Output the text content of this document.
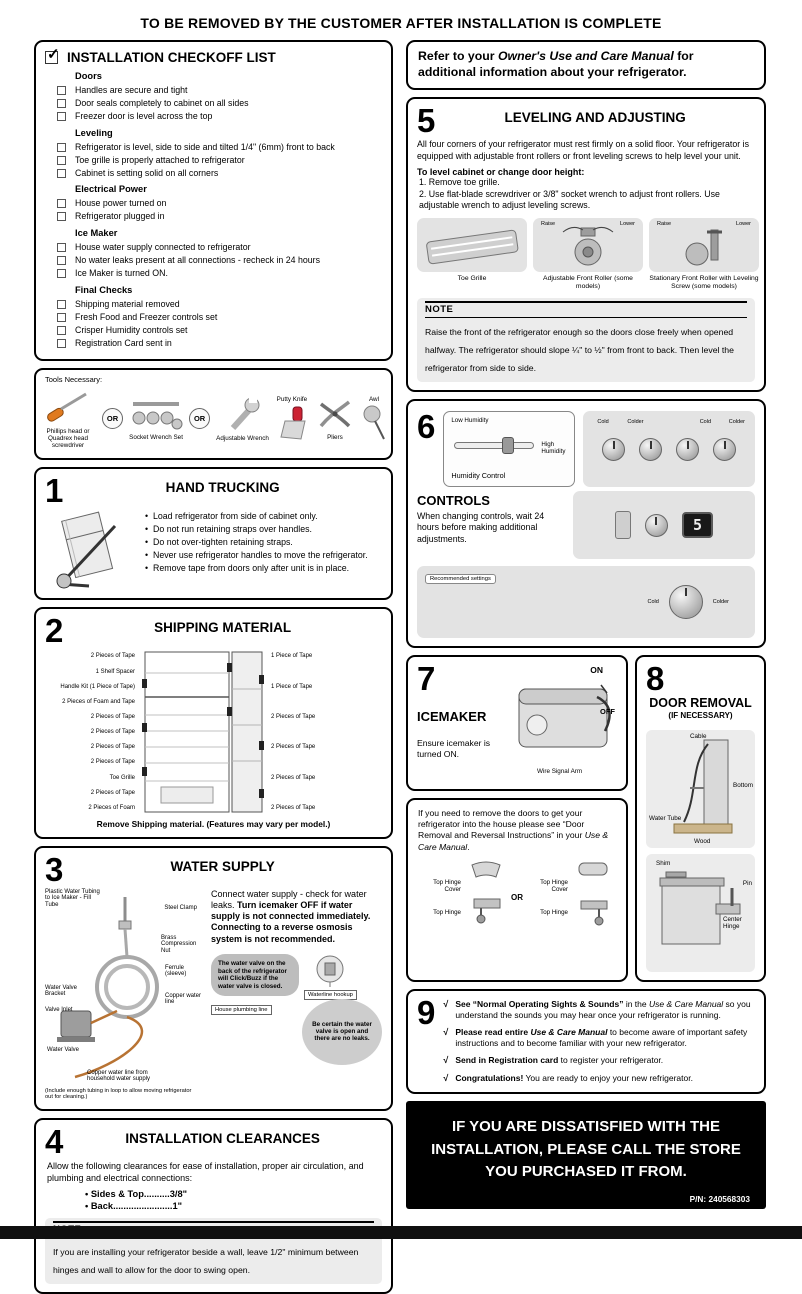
TO BE REMOVED BY THE CUSTOMER AFTER INSTALLATION IS COMPLETE
✓ INSTALLATION CHECKOFF LIST
Doors
Handles are secure and tight
Door seals completely to cabinet on all sides
Freezer door is level across the top
Leveling
Refrigerator is level, side to side and tilted 1/4" (6mm) front to back
Toe grille is properly attached to refrigerator
Cabinet is setting solid on all corners
Electrical Power
House power turned on
Refrigerator plugged in
Ice Maker
House water supply connected to refrigerator
No water leaks present at all connections - recheck in 24 hours
Ice Maker is turned ON.
Final Checks
Shipping material removed
Fresh Food and Freezer controls set
Crisper Humidity controls set
Registration Card sent in
Tools Necessary:
Phillips head or Quadrex head screwdriver
OR
Socket Wrench Set
OR
Adjustable Wrench
Putty Knife
Pliers
Awl
1	HAND TRUCKING
• Load refrigerator from side of cabinet only.
• Do not run retaining straps over handles.
• Do not over-tighten retaining straps.
• Never use refrigerator handles to move the refrigerator.
• Remove tape from doors only after unit is in place.
2	SHIPPING MATERIAL
2 Pieces of Tape
1 Shelf Spacer
Handle Kit (1 Piece of Tape)
2 Pieces of Foam and Tape
2 Pieces of Tape
2 Pieces of Tape
2 Pieces of Tape
2 Pieces of Tape
Toe Grille
2 Pieces of Tape
2 Pieces of Foam
1 Piece of Tape
1 Piece of Tape
2 Pieces of Tape
2 Pieces of Tape
2 Pieces of Tape
2 Pieces of Tape
Remove Shipping material. (Features may vary per model.)
3	WATER SUPPLY
Plastic Water Tubing to Ice Maker - Fill Tube	Steel Clamp
Brass Compression Nut
Ferrule (sleeve)
Copper water line
Water Valve Bracket
Valve Inlet
Water Valve
Copper water line from household water supply
(Include enough tubing in loop to allow moving refrigerator out for cleaning.)

Connect water supply - check for water leaks. Turn icemaker OFF if water supply is not connected immediately. Connecting to a reverse osmosis system is not recommended.

The water valve on the back of the refrigerator will Click/Buzz if the water valve is closed.
Waterline hookup
House plumbing line
Be certain the water valve is open and there are no leaks.
4	INSTALLATION CLEARANCES

Allow the following clearances for ease of installation, proper air circulation, and plumbing and electrical connections:

• Sides & Top..........3/8"
• Back.......................1"
If you are installing your refrigerator beside a wall, leave 1/2" minimum between hinges and wall to allow for the door to swing open.
Refer to your Owner's Use and Care Manual for additional information about your refrigerator.
5	LEVELING AND ADJUSTING

All four corners of your refrigerator must rest firmly on a solid floor. Your refrigerator is equipped with adjustable front rollers or front leveling screws to help level your unit.

To level cabinet or change door height:

1. Remove toe grille.
2. Use flat-blade screwdriver or 3/8" socket wrench to adjust front rollers. Use adjustable wrench to adjust leveling screws.
Toe Grille
Raise	Lower
Adjustable Front Roller (some models)
Raise	Lower
Stationary Front Roller with Leveling Screw (some models)
NOTE
Raise the front of the refrigerator enough so the doors close freely when opened halfway. The refrigerator should slope ¼" to ½" from front to back. Then level the refrigerator from side to side.
6	Low Humidity
High Humidity
Humidity Control
Cold	Colder	Cold	Colder
CONTROLS

When changing controls, wait 24 hours before making additional adjustments.

5
Recommended settings
Cold	Colder
7
ICEMAKER

Ensure icemaker is turned ON.

ON
OFF
Wire Signal Arm

If you need to remove the doors to get your refrigerator into the house please see “Door Removal and Reversal Instructions” in your Use & Care Manual.

Top Hinge Cover
Top Hinge
OR
Top Hinge Cover
Top Hinge
8
DOOR REMOVAL
(IF NECESSARY)
Cable
Bottom
Water Tube
Wood
Shim
Pin
Center Hinge
9 √ See “Normal Operating Sights & Sounds” in the Use & Care Manual so you understand the sounds you may hear once your refrigerator is running.
√ Please read entire Use & Care Manual to become aware of important safety instructions and to become familiar with your new refrigerator.
√ Send in Registration card to register your refrigerator.
√ Congratulations! You are ready to enjoy your new refrigerator.
IF YOU ARE DISSATISFIED WITH THE INSTALLATION, PLEASE CALL THE STORE YOU PURCHASED IT FROM.
P/N: 240568303
